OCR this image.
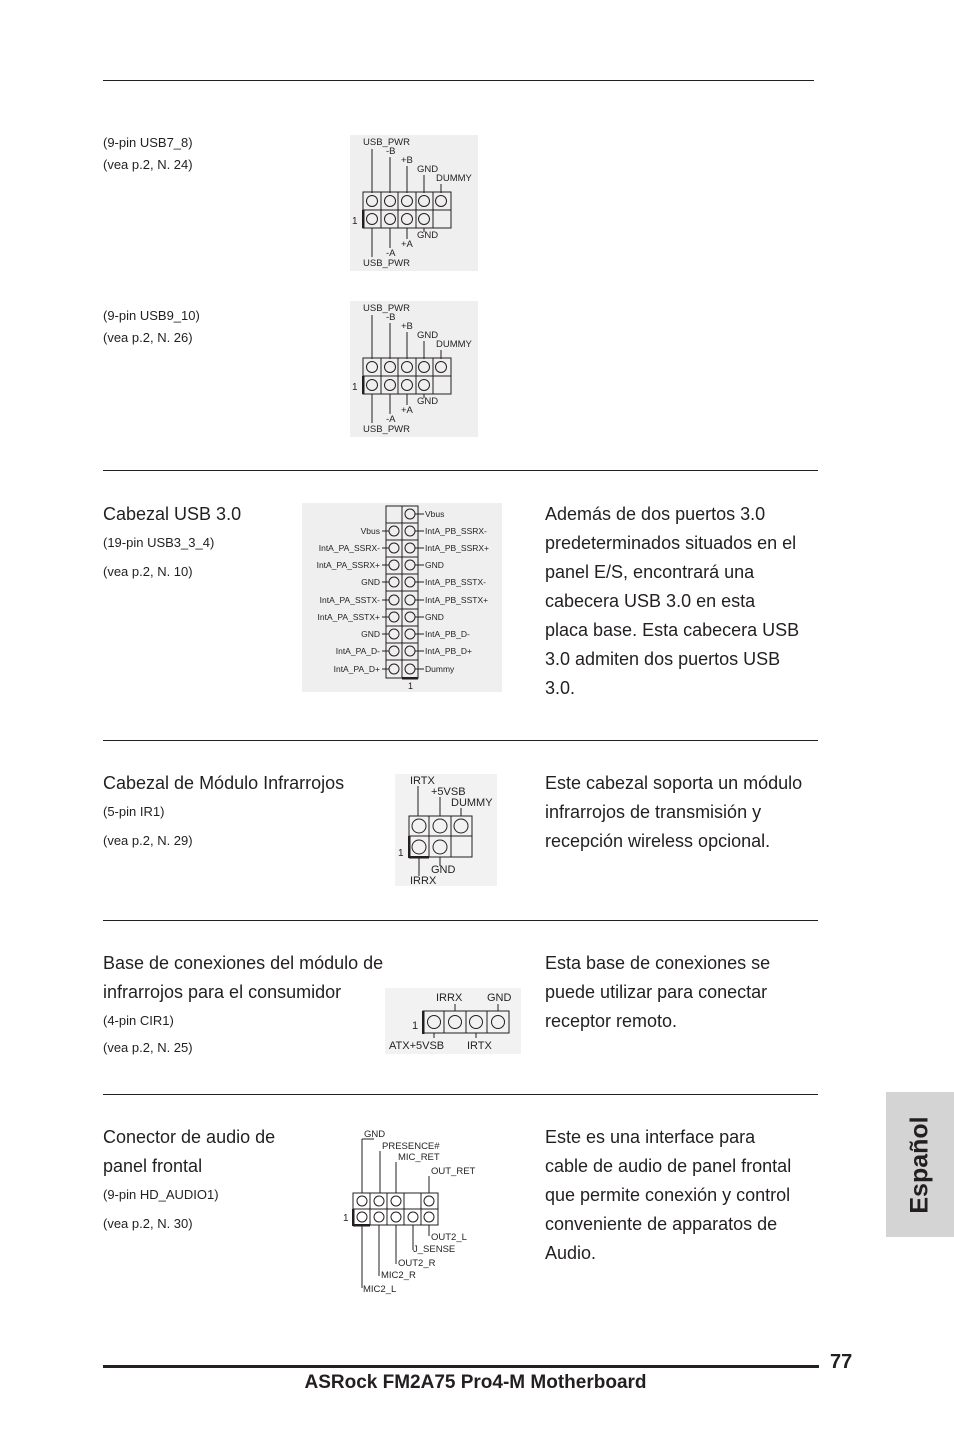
(9-pin USB7_8)
(vea p.2, N. 24)
USB_PWR
-B
+B
GND
DUMMY
1
GND
+A
-A
USB_PWR
(9-pin USB9_10)
(vea p.2, N. 26)
USB_PWR
-B
+B
GND
DUMMY
1
GND
+A
-A
USB_PWR
Cabezal USB 3.0
(19-pin USB3_3_4)
(vea p.2, N. 10)
Vbus
IntA_PA_SSRX-
IntA_PA_SSRX+
GND
IntA_PA_SSTX-
IntA_PA_SSTX+
GND
IntA_PA_D-
IntA_PA_D+
Vbus
IntA_PB_SSRX-
IntA_PB_SSRX+
GND
IntA_PB_SSTX-
IntA_PB_SSTX+
GND
IntA_PB_D-
IntA_PB_D+
Dummy
1
Además de dos puertos 3.0
predeterminados situados en el
panel E/S, encontrará una
cabecera USB 3.0 en esta
placa base. Esta cabecera USB
3.0 admiten dos puertos USB
3.0.
Cabezal de Módulo Infrarrojos
(5-pin IR1)
(vea p.2, N. 29)
IRTX
+5VSB
DUMMY
1
GND
IRRX
Este cabezal soporta un módulo
infrarrojos de transmisión y
recepción wireless opcional.
Base de conexiones del módulo de
infrarrojos para el consumidor
(4-pin CIR1)
(vea p.2, N. 25)
IRRX GND
1
ATX+5VSB IRTX
Esta base de conexiones se
puede utilizar para conectar
receptor remoto.
Conector de audio de
panel frontal
(9-pin HD_AUDIO1)
(vea p.2, N. 30)
GND
PRESENCE#
MIC_RET
OUT_RET
1
OUT2_L
J_SENSE
OUT2_R
MIC2_R
MIC2_L
Este es una interface para
cable de audio de panel frontal
que permite conexión y control
conveniente de apparatos de
Audio.
Español
77
ASRock FM2A75 Pro4-M Motherboard
